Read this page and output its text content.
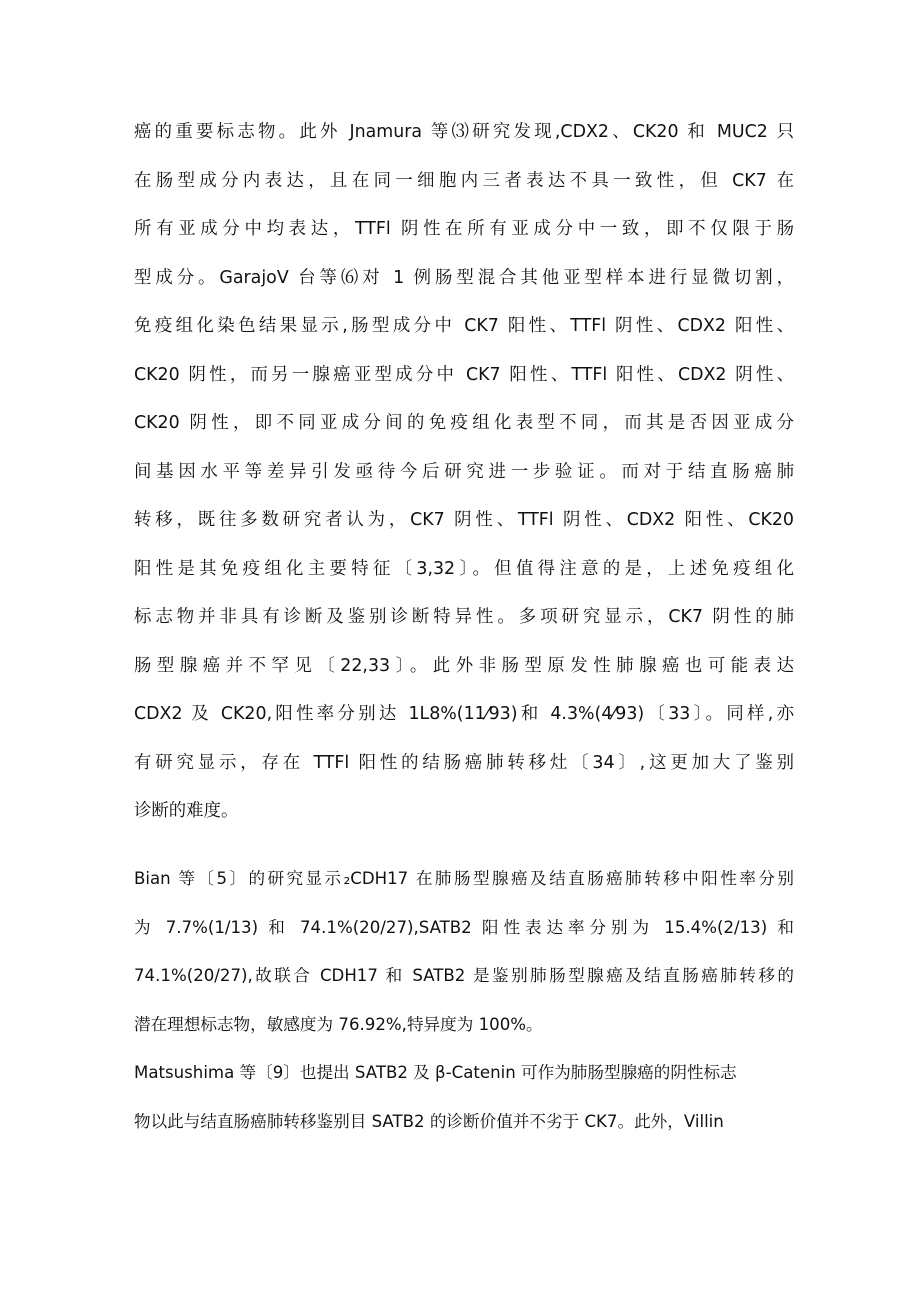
癌的重要标志物。此外 Jnamura 等⑶研究发现,CDX2、CK20 和 MUC2 只
在肠型成分内表达，且在同一细胞内三者表达不具一致性，但 CK7 在
所有亚成分中均表达，TTFl 阴性在所有亚成分中一致，即不仅限于肠
型成分。GarajoV 台等⑹对 1 例肠型混合其他亚型样本进行显微切割，
免疫组化染色结果显示,肠型成分中 CK7 阳性、TTFl 阴性、CDX2 阳性、
CK20 阴性，而另一腺癌亚型成分中 CK7 阳性、TTFl 阳性、CDX2 阴性、
CK20 阴性，即不同亚成分间的免疫组化表型不同，而其是否因亚成分
间基因水平等差异引发亟待今后研究进一步验证。而对于结直肠癌肺
转移，既往多数研究者认为，CK7 阴性、TTFl 阴性、CDX2 阳性、CK20
阳性是其免疫组化主要特征〔3,32〕。但值得注意的是，上述免疫组化
标志物并非具有诊断及鉴别诊断特异性。多项研究显示，CK7 阴性的肺
肠型腺癌并不罕见〔22,33〕。此外非肠型原发性肺腺癌也可能表达
CDX2 及 CK20,阳性率分别达 1L8%(11⁄93)和 4.3%(4⁄93)〔33〕。同样,亦
有研究显示，存在 TTFl 阳性的结肠癌肺转移灶〔34〕,这更加大了鉴别
诊断的难度。
Bian 等〔5〕的研究显示₂CDH17 在肺肠型腺癌及结直肠癌肺转移中阳性率分别
为 7.7%(1/13) 和 74.1%(20/27),SATB2 阳性表达率分别为 15.4%(2/13) 和
74.1%(20/27),故联合 CDH17 和 SATB2 是鉴别肺肠型腺癌及结直肠癌肺转移的
潜在理想标志物，敏感度为 76.92%,特异度为 100%。
Matsushima 等〔9〕也提出 SATB2 及 β-Catenin 可作为肺肠型腺癌的阴性标志
物以此与结直肠癌肺转移鉴别目 SATB2 的诊断价值并不劣于 CK7。此外，Villin
